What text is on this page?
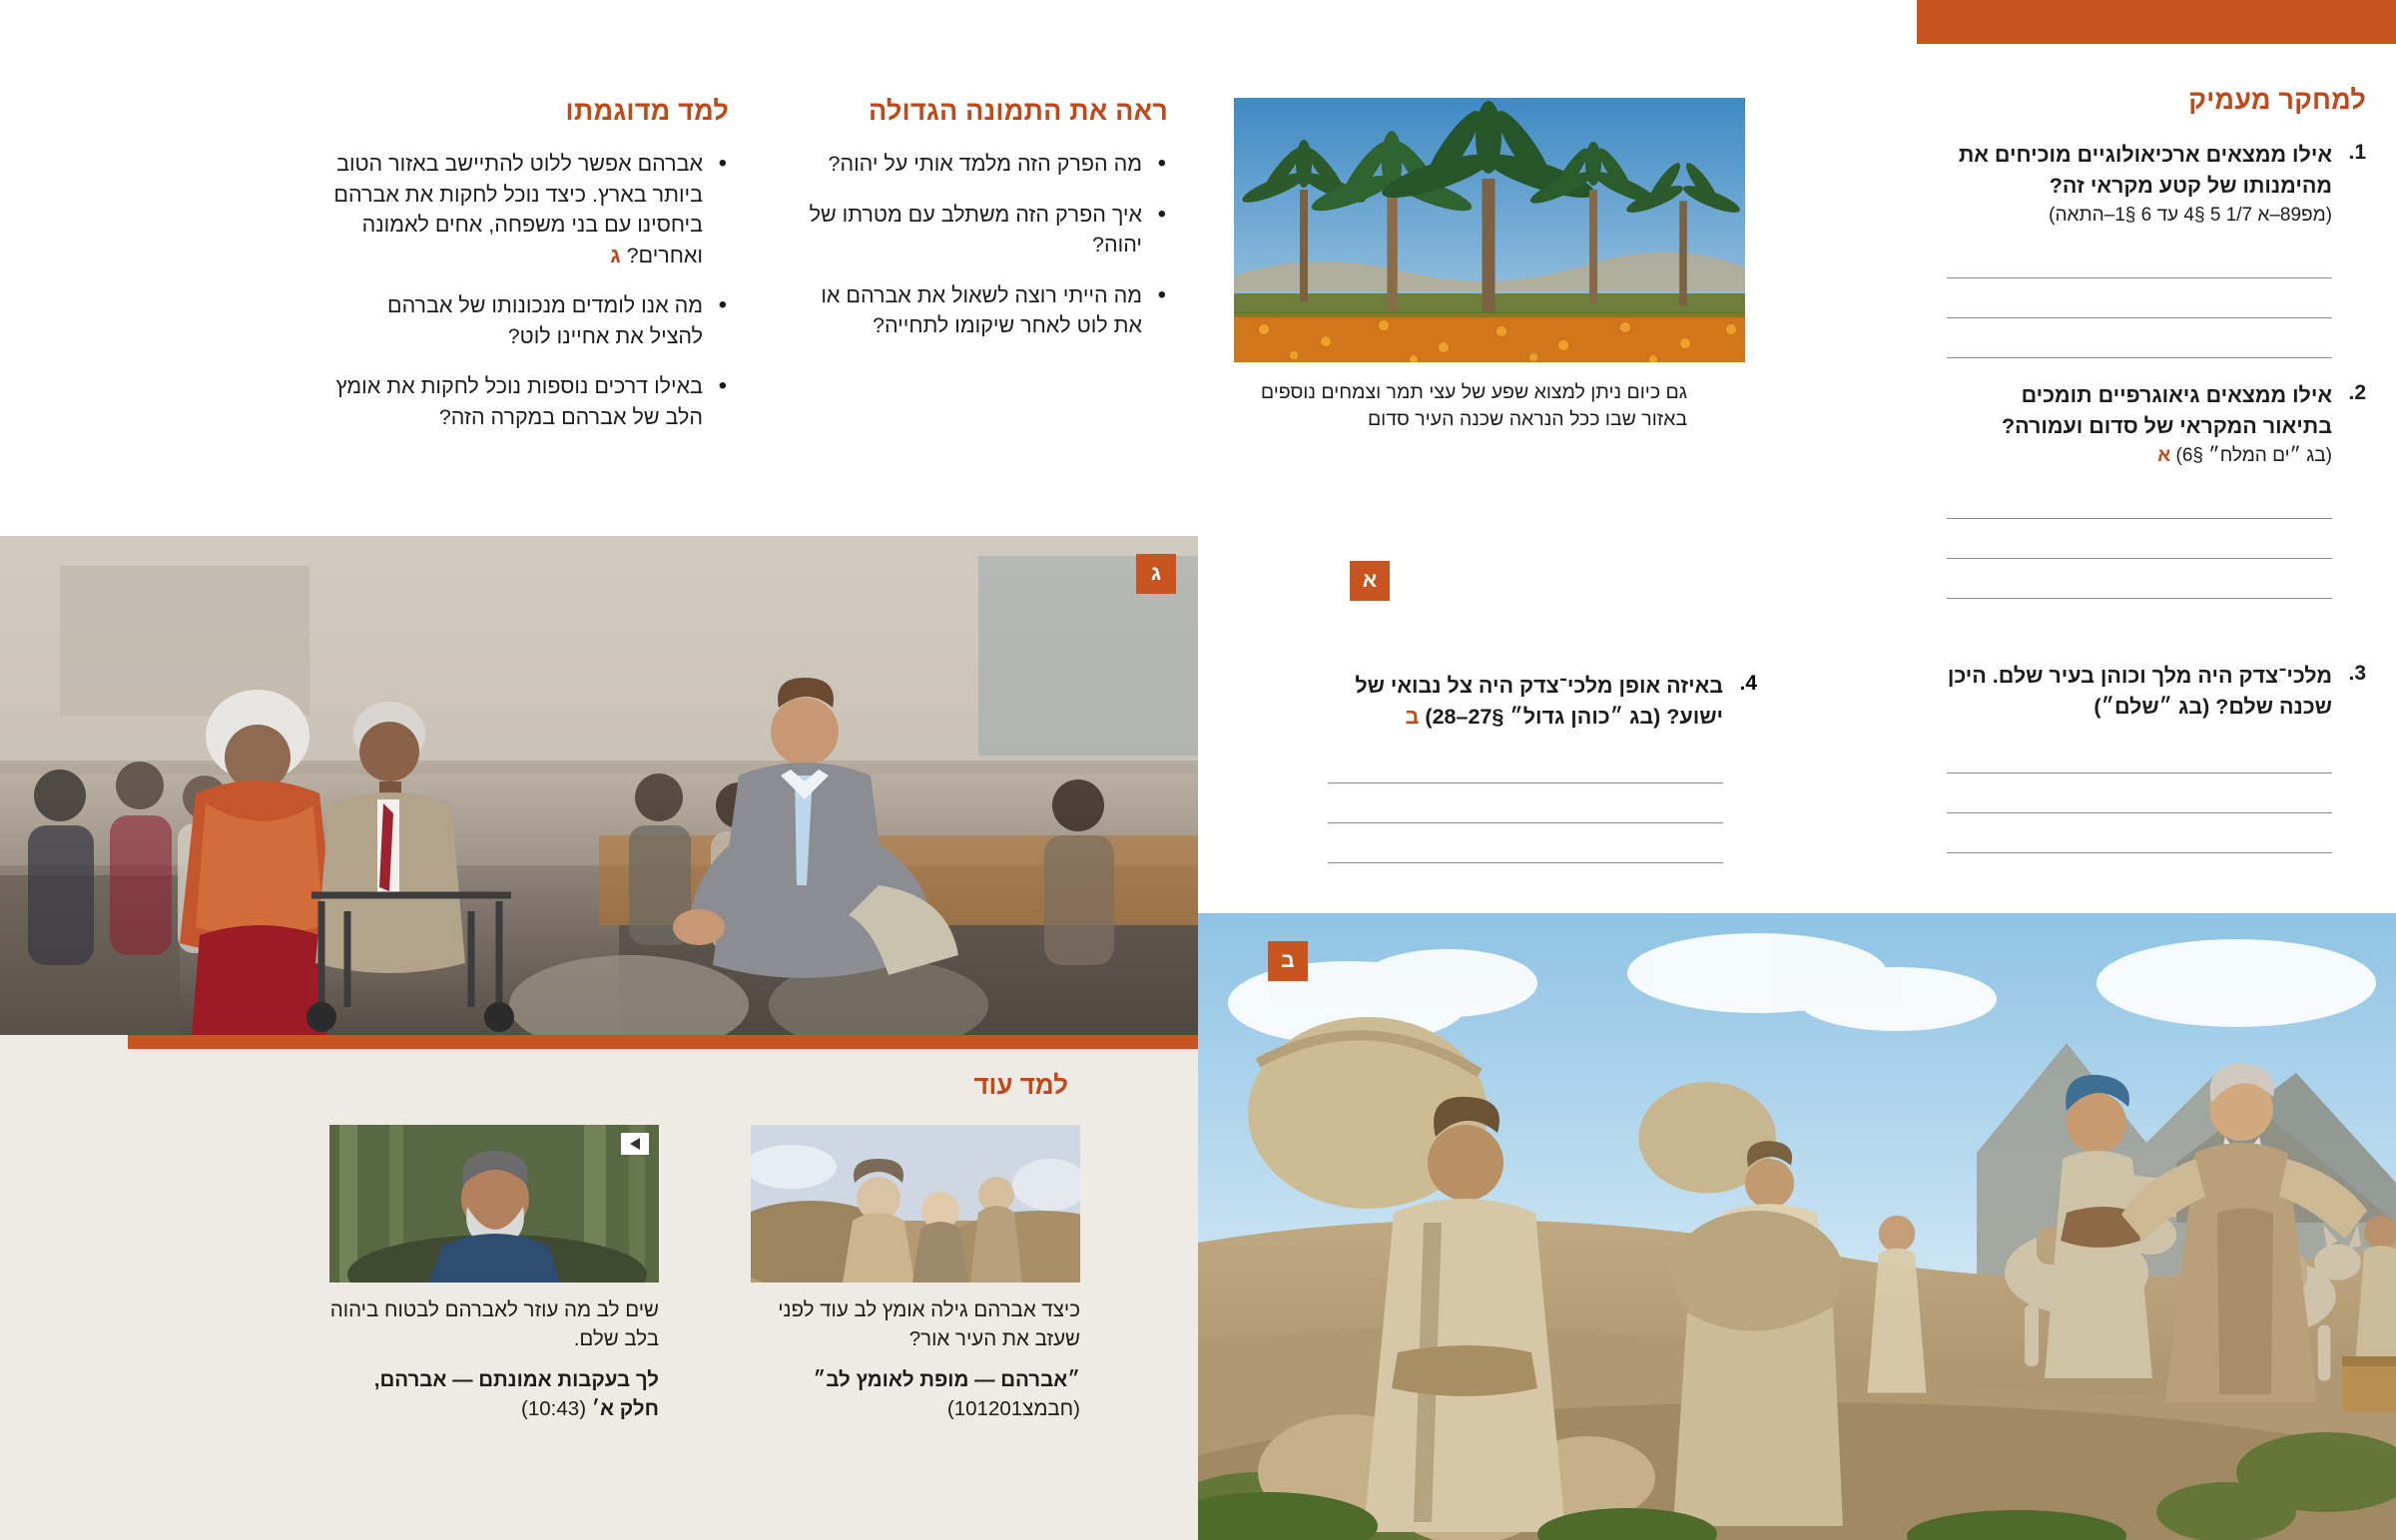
למד מדוגמתו
• אברהם אפשר ללוט להתיישב באזור הטוב ביותר בארץ. כיצד נוכל לחקות את אברהם ביחסינו עם בני משפחה, אחים לאמונה ואחרים? ג
• מה אנו לומדים מנכונותו של אברהם להציל את אחיינו לוט?
• באילו דרכים נוספות נוכל לחקות את אומץ הלב של אברהם במקרה הזה?
ראה את התמונה הגדולה
• מה הפרק הזה מלמד אותי על יהוה?
• איך הפרק הזה משתלב עם מטרתו של יהוה?
• מה הייתי רוצה לשאול את אברהם או את לוט לאחר שיקומו לתחייה?
ג
למד עוד
שים לב מה עוזר לאברהם לבטוח ביהוה בלב שלם.
לך בעקבות אמונתם — אברהם, חלק א׳ (10:43)
כיצד אברהם גילה אומץ לב עוד לפני שעזב את העיר אור?
״אברהם — מופת לאומץ לב״ (חבמצ101201)
למחקר מעמיק
1.
אילו ממצאים ארכיאולוגיים מוכיחים את מהימנותו של קטע מקראי זה?
(מפ89–א 1/7 5 §4 עד 6 §1–התאה)
2.
אילו ממצאים גיאוגרפיים תומכים בתיאור המקראי של סדום ועמורה?
(בג ״ים המלח״ §6) א
3.
מלכי־צדק היה מלך וכוהן בעיר שלם. היכן שכנה שלם? (בג ״שלם״)
4.
באיזה אופן מלכי־צדק היה צל נבואי של ישוע? (בג ״כוהן גדול״ §27–28) ב
א
גם כיום ניתן למצוא שפע של עצי תמר וצמחים נוספים באזור שבו ככל הנראה שכנה העיר סדום
ב
